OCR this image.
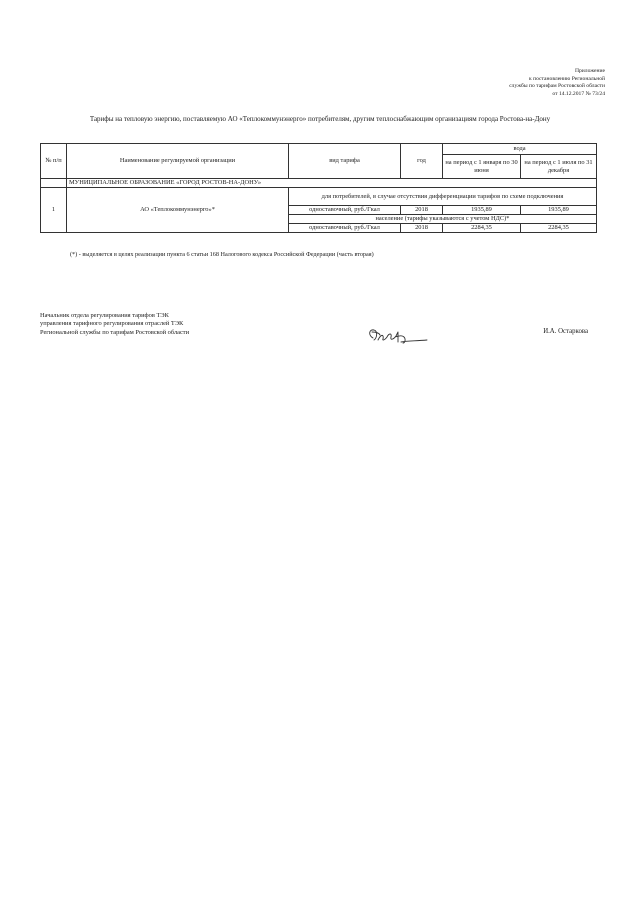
Приложение
к постановлению Региональной
службы по тарифам Ростовской области
от 14.12.2017 № 73/24
Тарифы на тепловую энергию, поставляемую АО «Теплокоммунэнерго» потребителям, другим теплоснабжающим организациям города Ростова-на-Дону
№ п/п	Наименование регулируемой организации	вид тарифа	год	вода	
				на период с 1 января по 30 июня	на период с 1 июля по 31 декабря
	МУНИЦИПАЛЬНОЕ ОБРАЗОВАНИЕ «ГОРОД РОСТОВ-НА-ДОНУ»				
1	АО «Теплокоммунэнерго»*	для потребителей, в случае отсутствия дифференциации тарифов по схеме подключения			
		одноставочный, руб./Гкал	2018	1935,89	1935,89
		население (тарифы указываются с учетом НДС)*			
		одноставочный, руб./Гкал	2018	2284,35	2284,35
(*) - выделяется в целях реализации пункта 6 статьи 168 Налогового кодекса Российской Федерации (часть вторая)
Начальник отдела регулирования тарифов ТЭК
управления тарифного регулирования отраслей ТЭК
Региональной службы по тарифам Ростовской области	И.А. Остаркова
